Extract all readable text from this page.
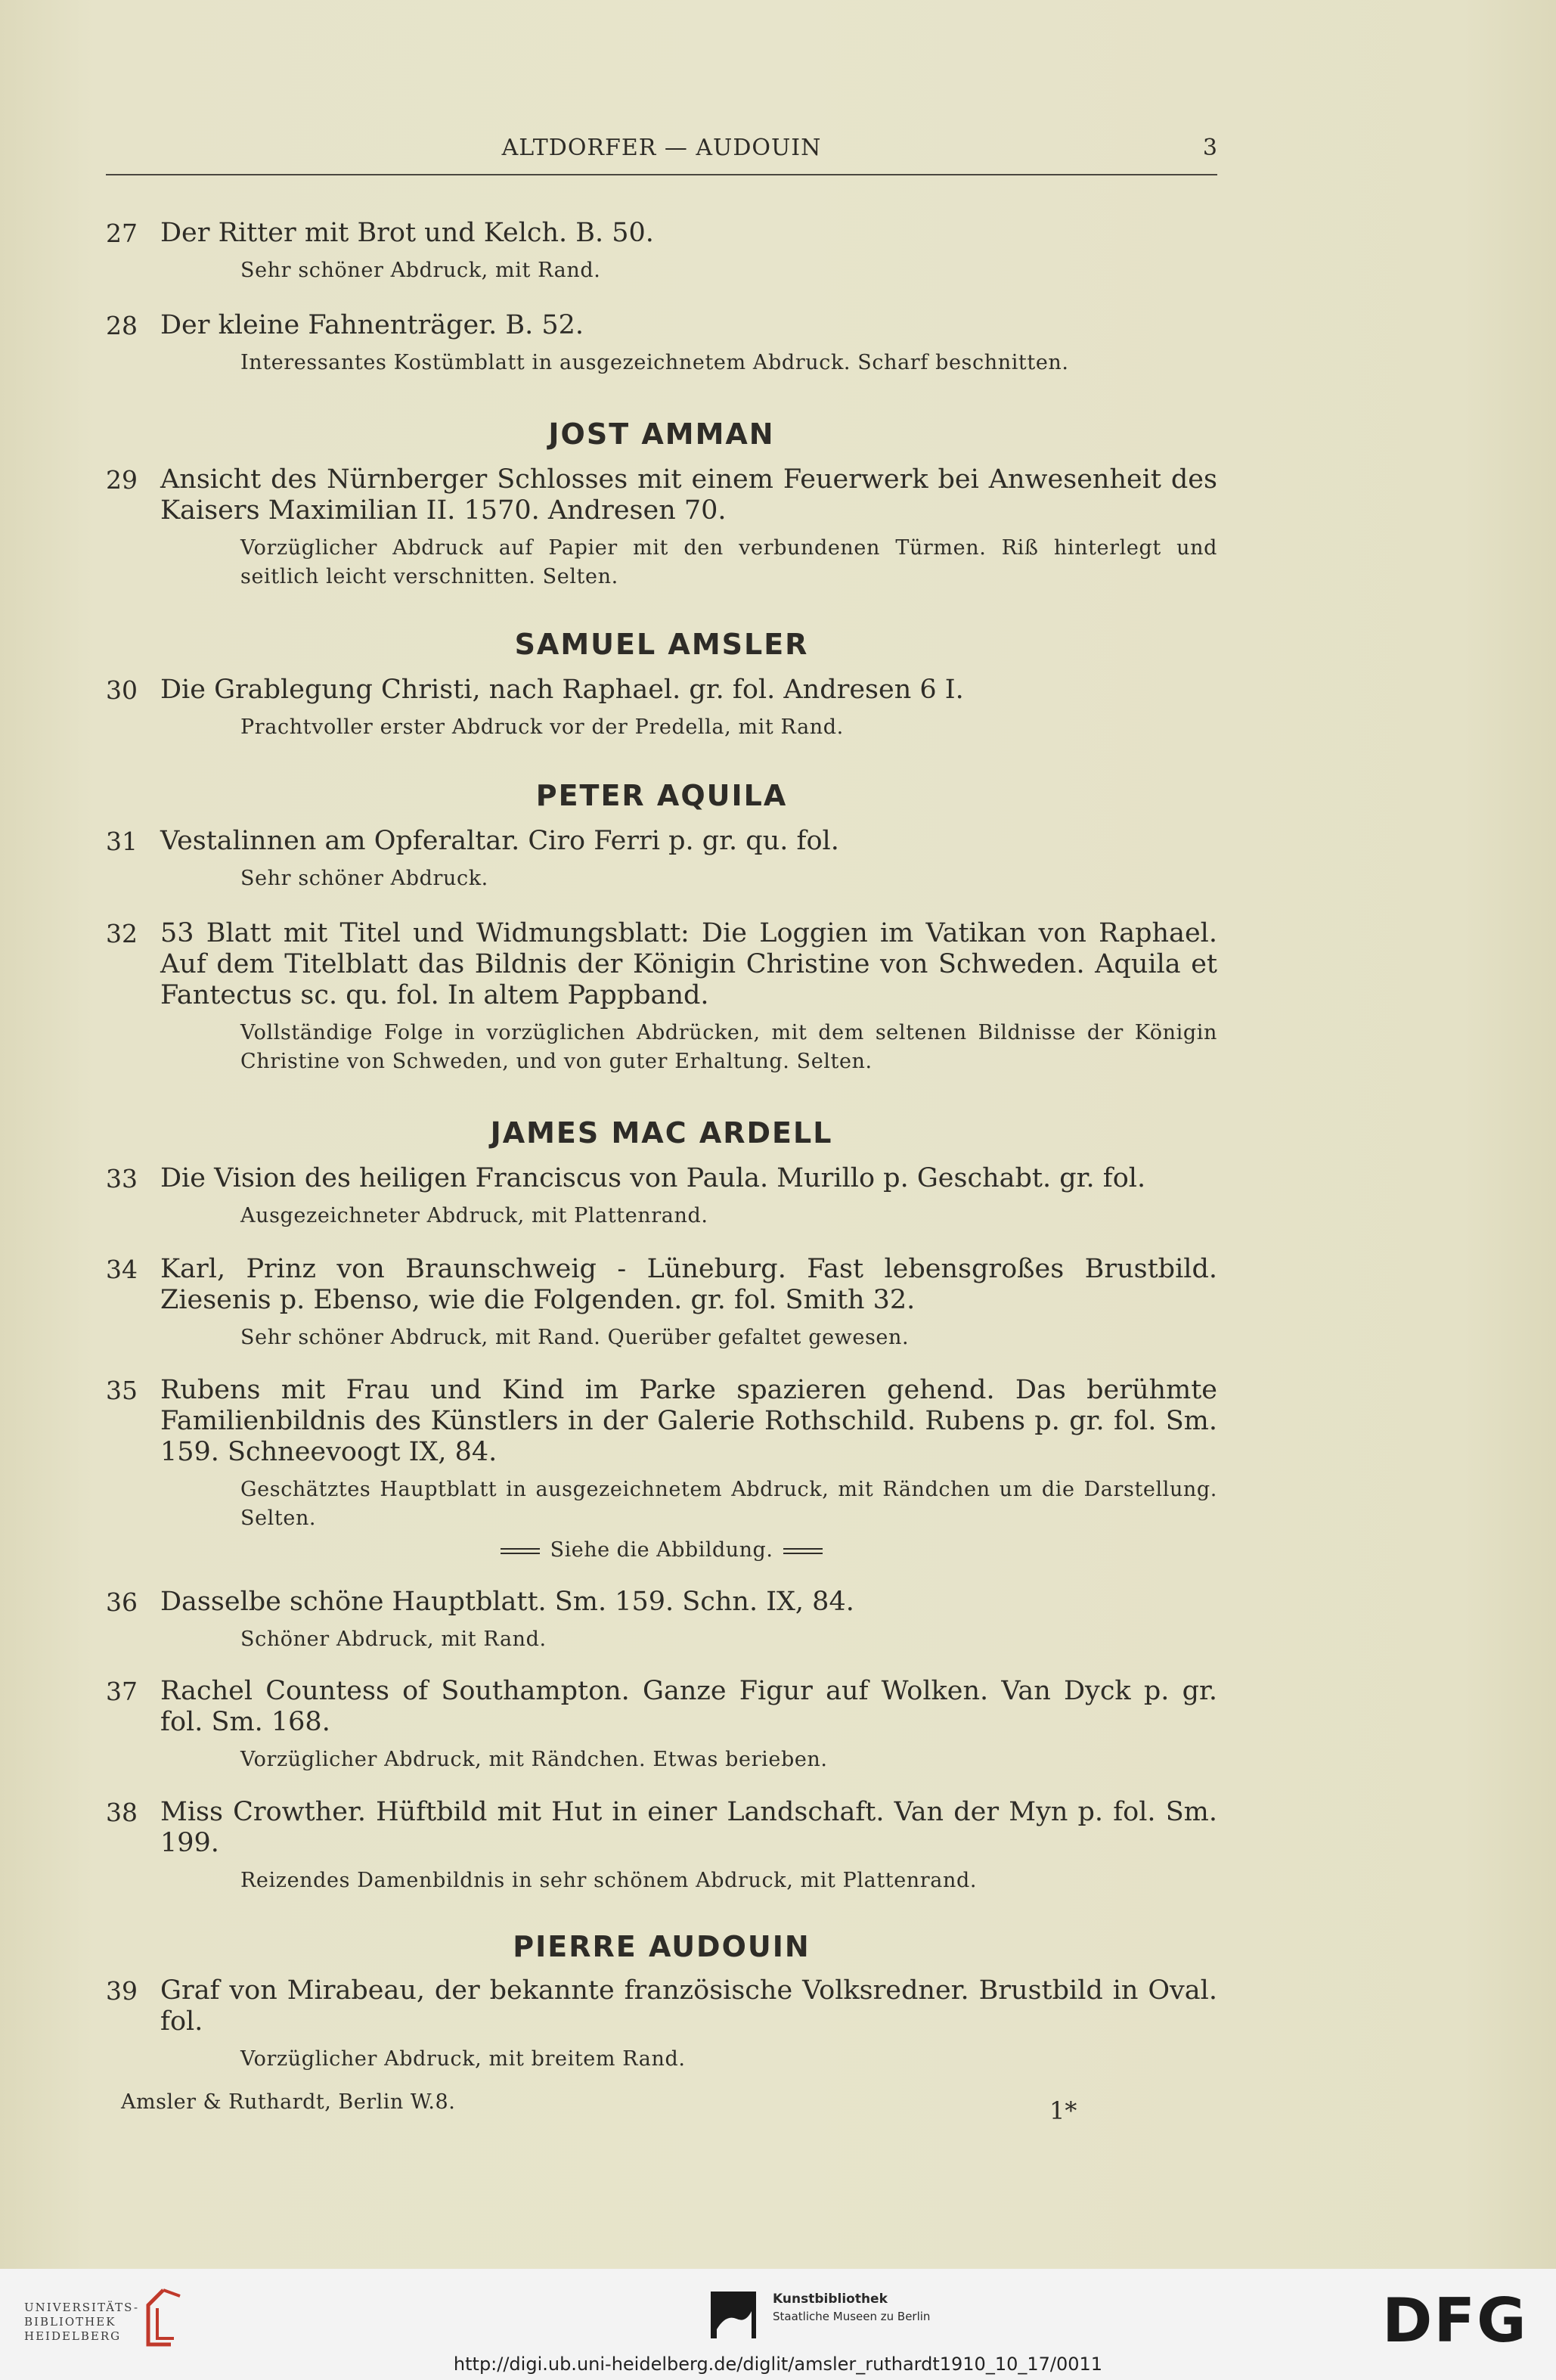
ALTDORFER — AUDOUIN	3
27 Der Ritter mit Brot und Kelch. B. 50.
Sehr schöner Abdruck, mit Rand.
28 Der kleine Fahnenträger. B. 52.
Interessantes Kostümblatt in ausgezeichnetem Abdruck. Scharf beschnitten.
JOST AMMAN
29 Ansicht des Nürnberger Schlosses mit einem Feuerwerk bei Anwesenheit des Kaisers Maximilian II. 1570. Andresen 70.
Vorzüglicher Abdruck auf Papier mit den verbundenen Türmen. Riß hinterlegt und seitlich leicht verschnitten. Selten.
SAMUEL AMSLER
30 Die Grablegung Christi, nach Raphael. gr. fol. Andresen 6 I.
Prachtvoller erster Abdruck vor der Predella, mit Rand.
PETER AQUILA
31 Vestalinnen am Opferaltar. Ciro Ferri p. gr. qu. fol.
Sehr schöner Abdruck.
32 53 Blatt mit Titel und Widmungsblatt: Die Loggien im Vatikan von Raphael. Auf dem Titelblatt das Bildnis der Königin Christine von Schweden. Aquila et Fantectus sc. qu. fol. In altem Pappband.
Vollständige Folge in vorzüglichen Abdrücken, mit dem seltenen Bildnisse der Königin Christine von Schweden, und von guter Erhaltung. Selten.
JAMES MAC ARDELL
33 Die Vision des heiligen Franciscus von Paula. Murillo p. Geschabt. gr. fol.
Ausgezeichneter Abdruck, mit Plattenrand.
34 Karl, Prinz von Braunschweig - Lüneburg. Fast lebensgroßes Brustbild. Ziesenis p. Ebenso, wie die Folgenden. gr. fol. Smith 32.
Sehr schöner Abdruck, mit Rand. Querüber gefaltet gewesen.
35 Rubens mit Frau und Kind im Parke spazieren gehend. Das berühmte Familienbildnis des Künstlers in der Galerie Rothschild. Rubens p. gr. fol. Sm. 159. Schneevoogt IX, 84.
Geschätztes Hauptblatt in ausgezeichnetem Abdruck, mit Rändchen um die Darstellung. Selten.
Siehe die Abbildung.
36 Dasselbe schöne Hauptblatt. Sm. 159. Schn. IX, 84.
Schöner Abdruck, mit Rand.
37 Rachel Countess of Southampton. Ganze Figur auf Wolken. Van Dyck p. gr. fol. Sm. 168.
Vorzüglicher Abdruck, mit Rändchen. Etwas berieben.
38 Miss Crowther. Hüftbild mit Hut in einer Landschaft. Van der Myn p. fol. Sm. 199.
Reizendes Damenbildnis in sehr schönem Abdruck, mit Plattenrand.
PIERRE AUDOUIN
39 Graf von Mirabeau, der bekannte französische Volksredner. Brustbild in Oval. fol.
Vorzüglicher Abdruck, mit breitem Rand.
Amsler & Ruthardt, Berlin W.8.	1*
UNIVERSITÄTS-
BIBLIOTHEK
HEIDELBERG
Kunstbibliothek
Staatliche Museen zu Berlin	DFG
http://digi.ub.uni-heidelberg.de/diglit/amsler_ruthardt1910_10_17/0011
